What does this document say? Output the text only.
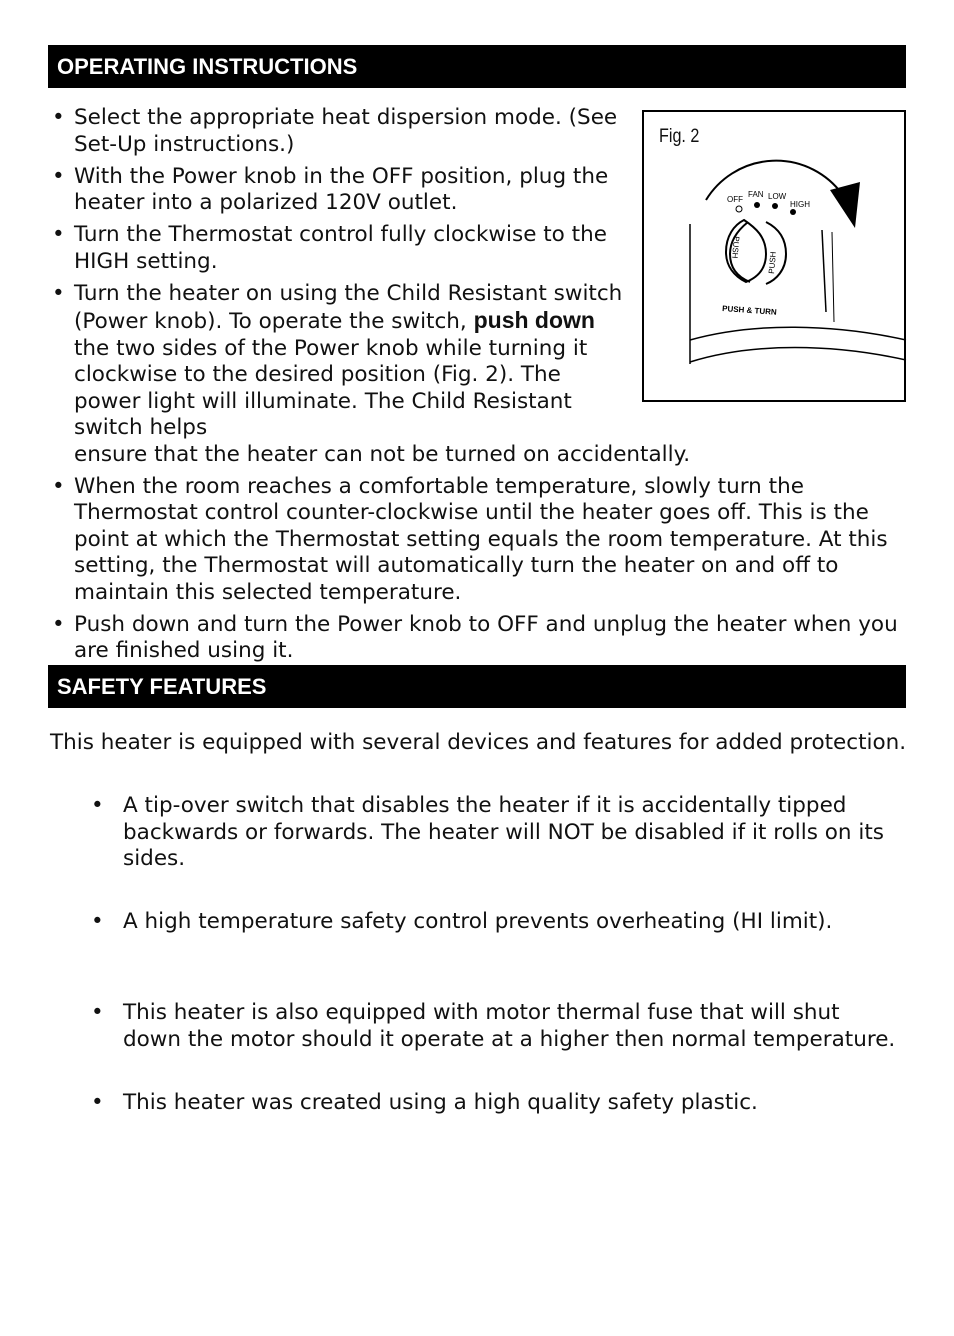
OPERATING INSTRUCTIONS
• Select the appropriate heat dispersion mode. (See Set-Up instructions.)
• With the Power knob in the OFF position, plug the heater into a polarized 120V outlet.
• Turn the Thermostat control fully clockwise to the HIGH setting.
• Turn the heater on using the Child Resistant switch (Power knob). To operate the switch, push down the two sides of the Power knob while turning it clockwise to the desired position (Fig. 2). The power light will illuminate. The Child Resistant switch helps
ensure that the heater can not be turned on accidentally.
• When the room reaches a comfortable temperature, slowly turn the Thermostat control counter-clockwise until the heater goes off. This is the point at which the Thermostat setting equals the room temperature. At this setting, the Thermostat will automatically turn the heater on and off to maintain this selected temperature.
• Push down and turn the Power knob to OFF and unplug the heater when you are finished using it.
OFF
FAN LOW
HIGH
PUSH
PUSH
PUSH & TURN
Fig. 2
SAFETY FEATURES

This heater is equipped with several devices and features for added protection.

• A tip-over switch that disables the heater if it is accidentally tipped backwards or forwards. The heater will NOT be disabled if it rolls on its sides.
• A high temperature safety control prevents overheating (HI limit).
• This heater is also equipped with motor thermal fuse that will shut down the motor should it operate at a higher then normal temperature.
• This heater was created using a high quality safety plastic.
